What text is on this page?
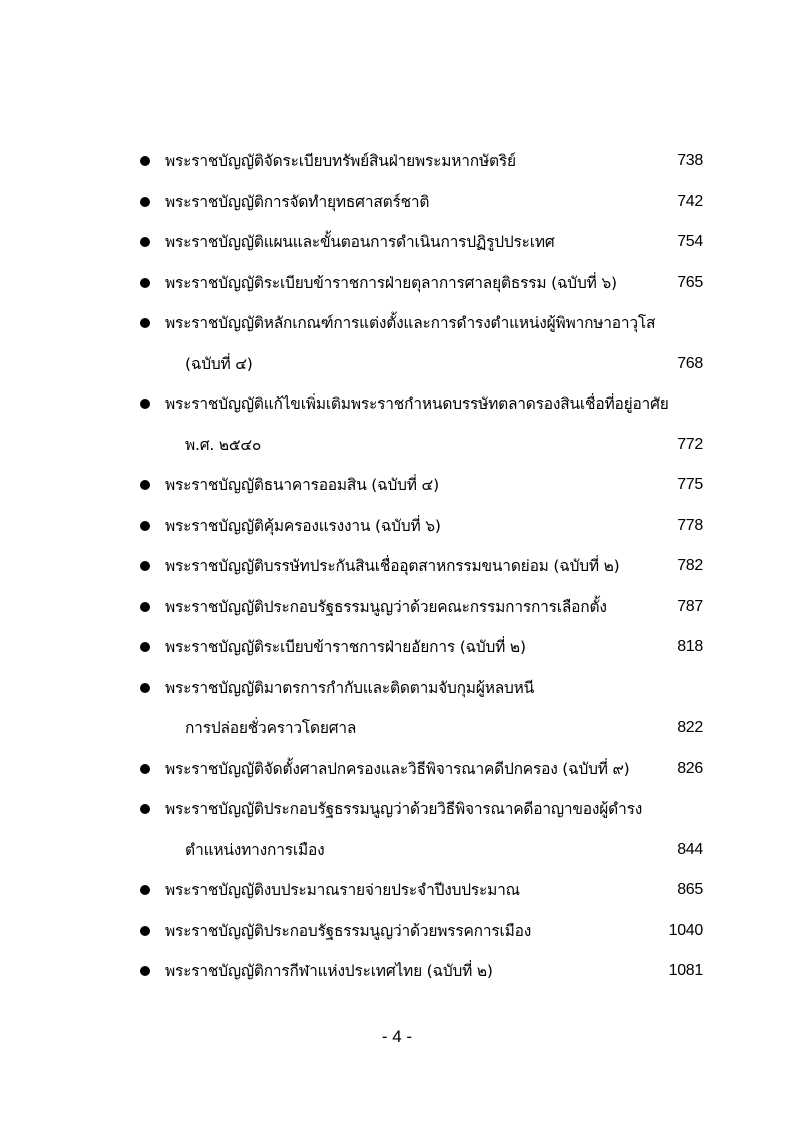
พระราชบัญญัติจัดระเบียบทรัพย์สินฝ่ายพระมหากษัตริย์	738
พระราชบัญญัติการจัดทำยุทธศาสตร์ชาติ	742
พระราชบัญญัติแผนและขั้นตอนการดำเนินการปฏิรูปประเทศ	754
พระราชบัญญัติระเบียบข้าราชการฝ่ายตุลาการศาลยุติธรรม (ฉบับที่ ๖)	765
พระราชบัญญัติหลักเกณฑ์การแต่งตั้งและการดำรงตำแหน่งผู้พิพากษาอาวุโส
(ฉบับที่ ๔)	768
พระราชบัญญัติแก้ไขเพิ่มเติมพระราชกำหนดบรรษัทตลาดรองสินเชื่อที่อยู่อาศัย
พ.ศ. ๒๕๔๐	772
พระราชบัญญัติธนาคารออมสิน (ฉบับที่ ๔)	775
พระราชบัญญัติคุ้มครองแรงงาน (ฉบับที่ ๖)	778
พระราชบัญญัติบรรษัทประกันสินเชื่ออุตสาหกรรมขนาดย่อม (ฉบับที่ ๒)	782
พระราชบัญญัติประกอบรัฐธรรมนูญว่าด้วยคณะกรรมการการเลือกตั้ง	787
พระราชบัญญัติระเบียบข้าราชการฝ่ายอัยการ (ฉบับที่ ๒)	818
พระราชบัญญัติมาตรการกำกับและติดตามจับกุมผู้หลบหนี
การปล่อยชั่วคราวโดยศาล	822
พระราชบัญญัติจัดตั้งศาลปกครองและวิธีพิจารณาคดีปกครอง (ฉบับที่ ๙)	826
พระราชบัญญัติประกอบรัฐธรรมนูญว่าด้วยวิธีพิจารณาคดีอาญาของผู้ดำรง
ตำแหน่งทางการเมือง	844
พระราชบัญญัติงบประมาณรายจ่ายประจำปีงบประมาณ	865
พระราชบัญญัติประกอบรัฐธรรมนูญว่าด้วยพรรคการเมือง	1040
พระราชบัญญัติการกีฬาแห่งประเทศไทย (ฉบับที่ ๒)	1081
- 4 -
